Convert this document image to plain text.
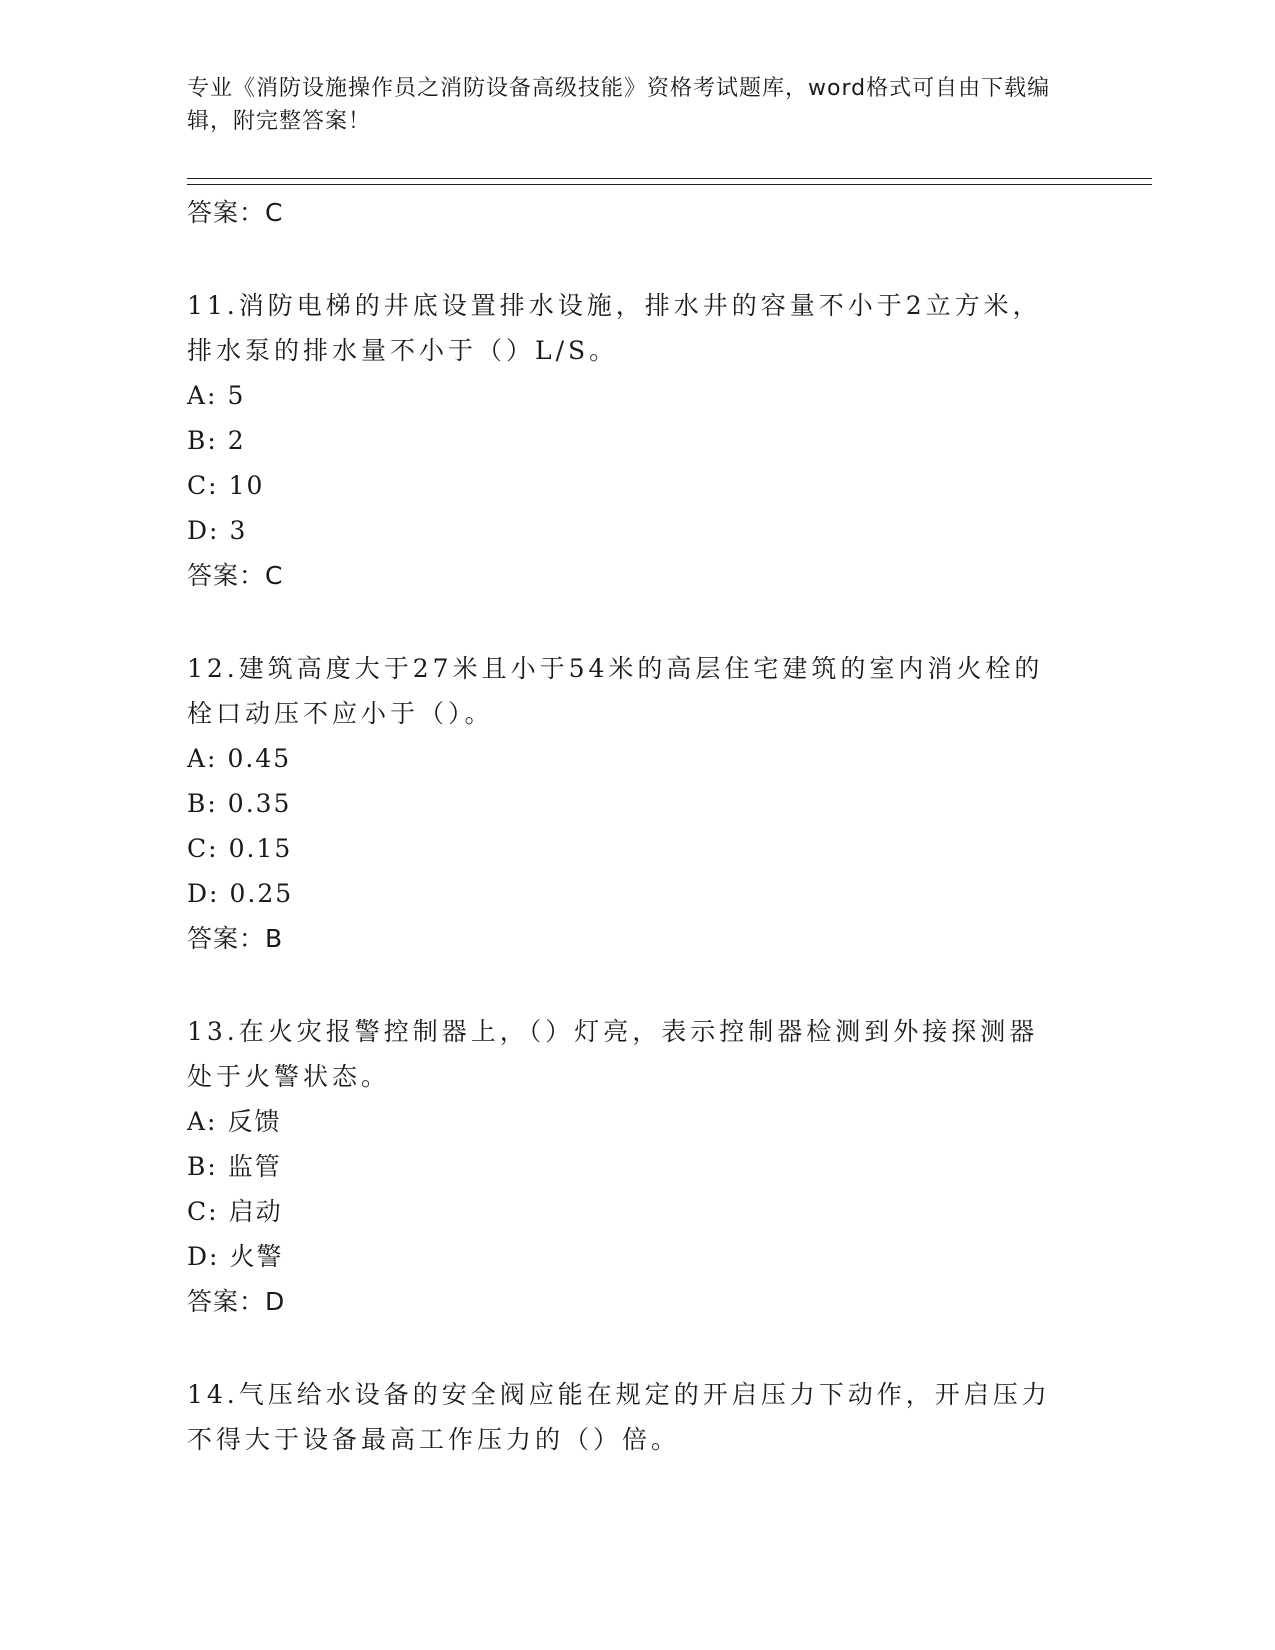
专业《消防设施操作员之消防设备高级技能》资格考试题库，word格式可自由下载编辑，附完整答案！
答案：C
11.消防电梯的井底设置排水设施，排水井的容量不小于2立方米，排水泵的排水量不小于（）L/S。
A: 5
B: 2
C: 10
D: 3
答案：C
12.建筑高度大于27米且小于54米的高层住宅建筑的室内消火栓的栓口动压不应小于（）。
A: 0.45
B: 0.35
C: 0.15
D: 0.25
答案：B
13.在火灾报警控制器上，（）灯亮，表示控制器检测到外接探测器处于火警状态。
A: 反馈
B: 监管
C: 启动
D: 火警
答案：D
14.气压给水设备的安全阀应能在规定的开启压力下动作，开启压力不得大于设备最高工作压力的（）倍。
